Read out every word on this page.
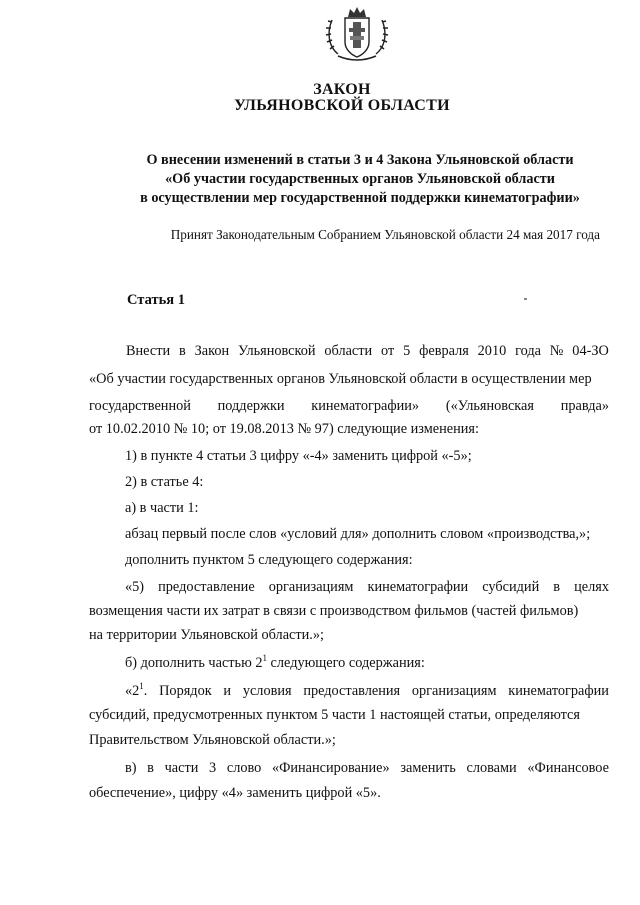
ЗАКОН

УЛЬЯНОВСКОЙ ОБЛАСТИ

О внесении изменений в статьи 3 и 4 Закона Ульяновской области

«Об участии государственных органов Ульяновской области

в осуществлении мер государственной поддержки кинематографии»

Принят Законодательным Собранием Ульяновской области 24 мая 2017 года

Статья 1

Внести в Закон Ульяновской области от 5 февраля 2010 года № 04-ЗО

«Об участии государственных органов Ульяновской области в осуществлении мер

государственной поддержки кинематографии» («Ульяновская правда»

от 10.02.2010 № 10; от 19.08.2013 № 97) следующие изменения:

1) в пункте 4 статьи 3 цифру «-4» заменить цифрой «-5»;

2) в статье 4:

а) в части 1:

абзац первый после слов «условий для» дополнить словом «производства,»;

дополнить пунктом 5 следующего содержания:

«5) предоставление организациям кинематографии субсидий в целях

возмещения части их затрат в связи с производством фильмов (частей фильмов)

на территории Ульяновской области.»;

б) дополнить частью $2^1$ следующего содержания:

«$2^1$. Порядок и условия предоставления организациям кинематографии

субсидий, предусмотренных пунктом 5 части 1 настоящей статьи, определяются

Правительством Ульяновской области.»;

в) в части 3 слово «Финансирование» заменить словами «Финансовое

обеспечение», цифру «4» заменить цифрой «5».
